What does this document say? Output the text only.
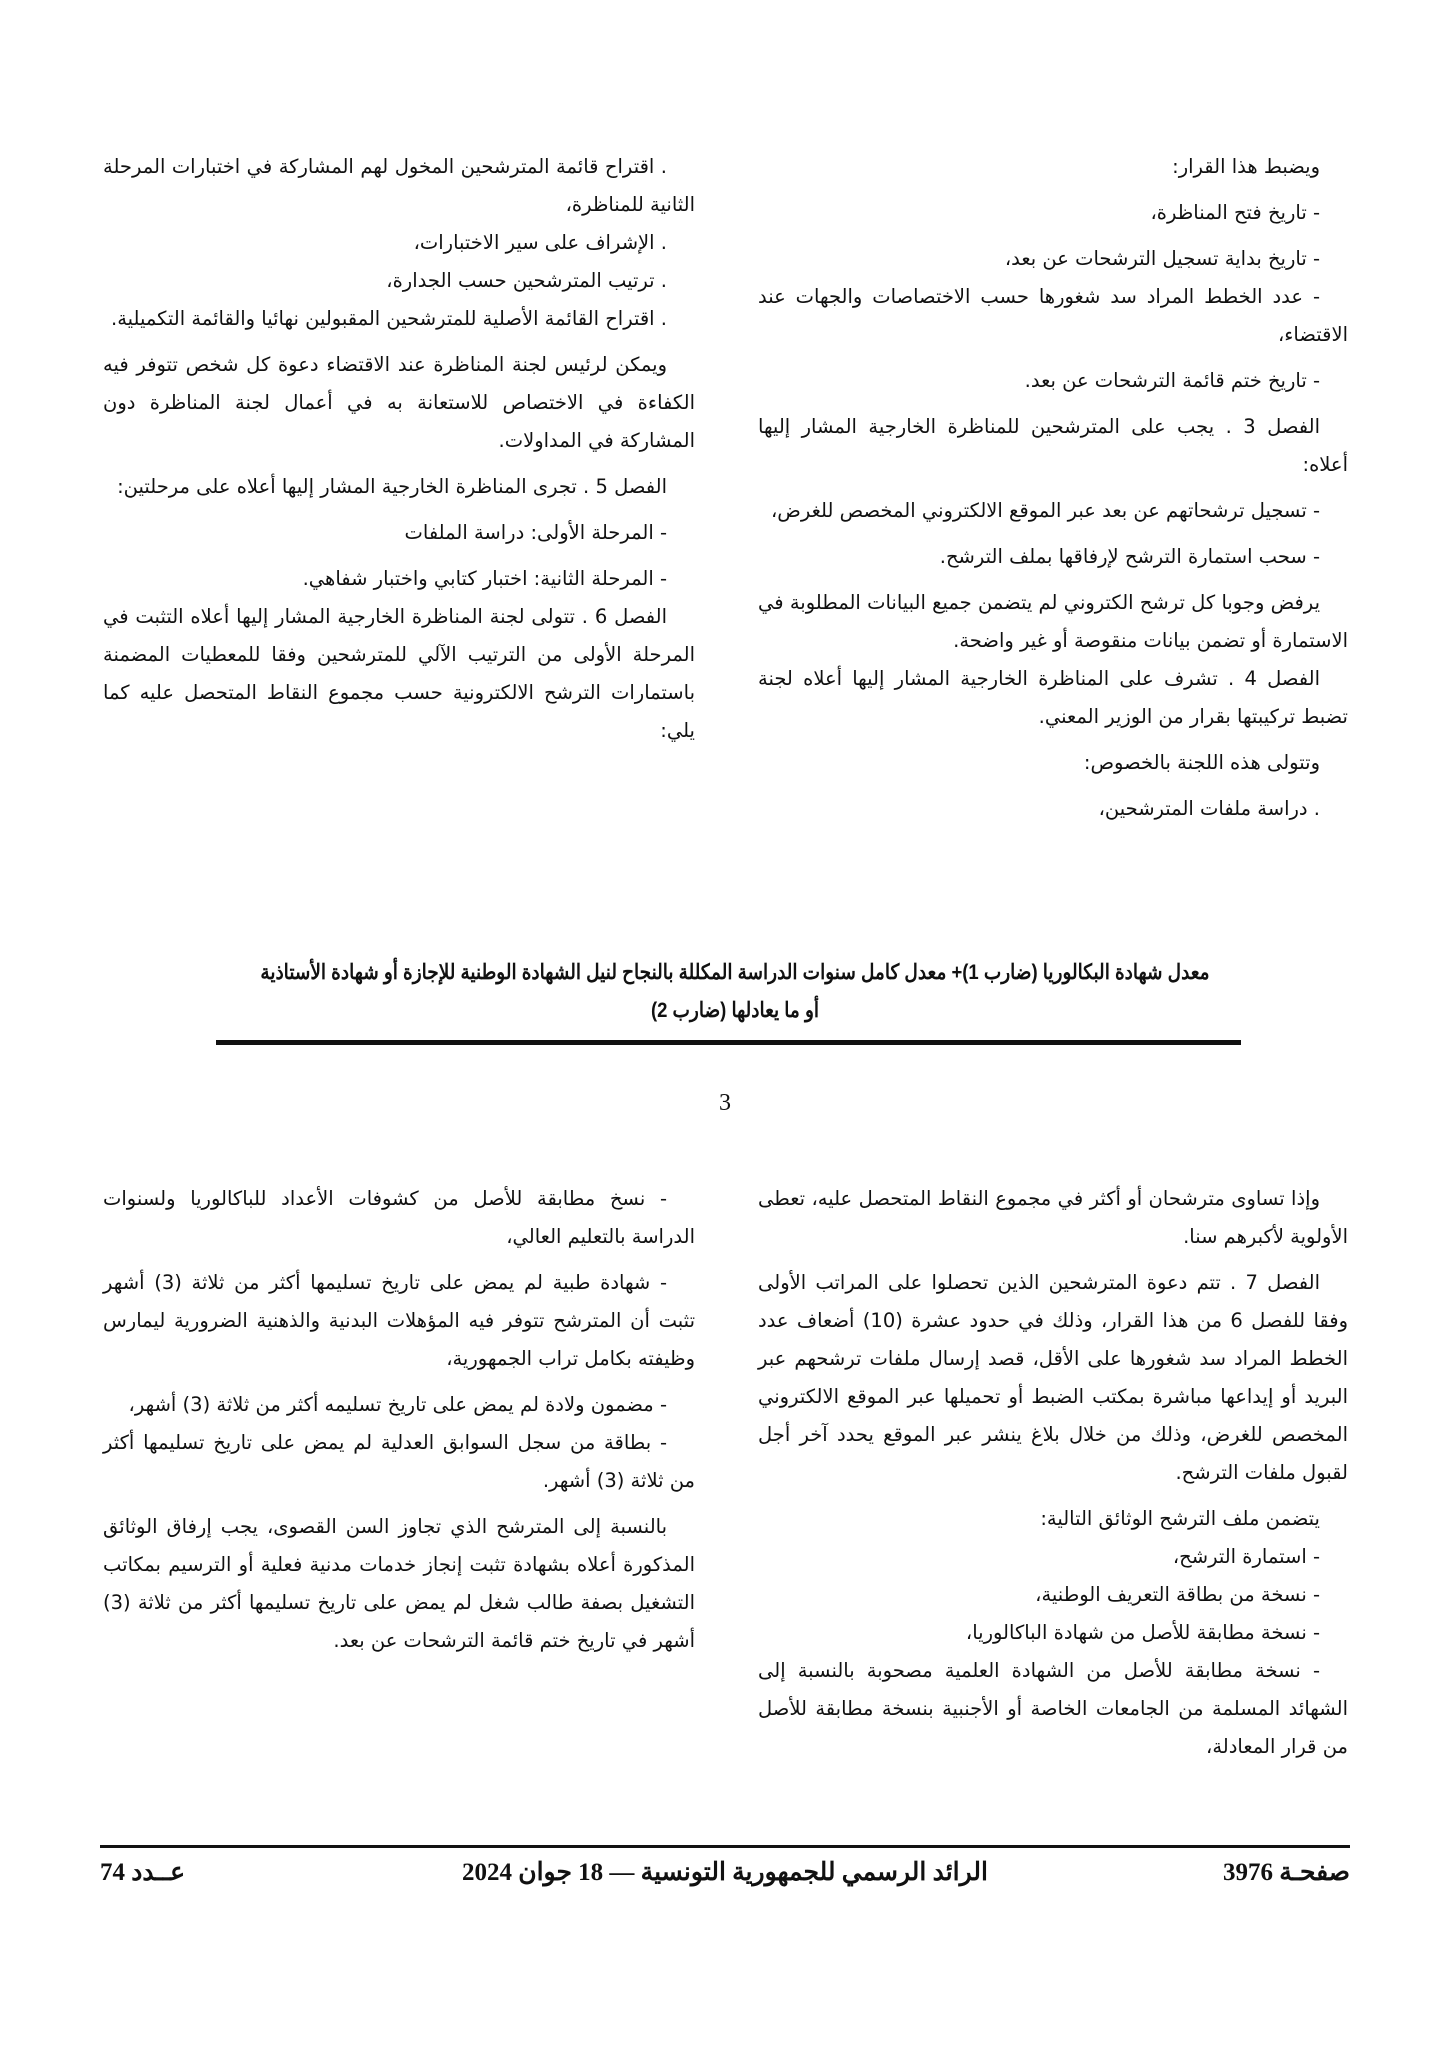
ويضبط هذا القرار:

- تاريخ فتح المناظرة،

- تاريخ بداية تسجيل الترشحات عن بعد،

- عدد الخطط المراد سد شغورها حسب الاختصاصات والجهات عند الاقتضاء،

- تاريخ ختم قائمة الترشحات عن بعد.

الفصل 3 . يجب على المترشحين للمناظرة الخارجية المشار إليها أعلاه:

- تسجيل ترشحاتهم عن بعد عبر الموقع الالكتروني المخصص للغرض،

- سحب استمارة الترشح لإرفاقها بملف الترشح.

يرفض وجوبا كل ترشح الكتروني لم يتضمن جميع البيانات المطلوبة في الاستمارة أو تضمن بيانات منقوصة أو غير واضحة.

الفصل 4 . تشرف على المناظرة الخارجية المشار إليها أعلاه لجنة تضبط تركيبتها بقرار من الوزير المعني.

وتتولى هذه اللجنة بالخصوص:

. دراسة ملفات المترشحين،

. اقتراح قائمة المترشحين المخول لهم المشاركة في اختبارات المرحلة الثانية للمناظرة،

. الإشراف على سير الاختبارات،

. ترتيب المترشحين حسب الجدارة،

. اقتراح القائمة الأصلية للمترشحين المقبولين نهائيا والقائمة التكميلية.

ويمكن لرئيس لجنة المناظرة عند الاقتضاء دعوة كل شخص تتوفر فيه الكفاءة في الاختصاص للاستعانة به في أعمال لجنة المناظرة دون المشاركة في المداولات.

الفصل 5 . تجرى المناظرة الخارجية المشار إليها أعلاه على مرحلتين:

- المرحلة الأولى: دراسة الملفات

- المرحلة الثانية: اختبار كتابي واختبار شفاهي.

الفصل 6 . تتولى لجنة المناظرة الخارجية المشار إليها أعلاه التثبت في المرحلة الأولى من الترتيب الآلي للمترشحين وفقا للمعطيات المضمنة باستمارات الترشح الالكترونية حسب مجموع النقاط المتحصل عليه كما يلي:

معدل شهادة البكالوريا (ضارب 1)+ معدل كامل سنوات الدراسة المكللة بالنجاح لنيل الشهادة الوطنية للإجازة أو شهادة الأستاذية
أو ما يعادلها (ضارب 2)
3

وإذا تساوى مترشحان أو أكثر في مجموع النقاط المتحصل عليه، تعطى الأولوية لأكبرهم سنا.

الفصل 7 . تتم دعوة المترشحين الذين تحصلوا على المراتب الأولى وفقا للفصل 6 من هذا القرار، وذلك في حدود عشرة (10) أضعاف عدد الخطط المراد سد شغورها على الأقل، قصد إرسال ملفات ترشحهم عبر البريد أو إيداعها مباشرة بمكتب الضبط أو تحميلها عبر الموقع الالكتروني المخصص للغرض، وذلك من خلال بلاغ ينشر عبر الموقع يحدد آخر أجل لقبول ملفات الترشح.

يتضمن ملف الترشح الوثائق التالية:

- استمارة الترشح،

- نسخة من بطاقة التعريف الوطنية،

- نسخة مطابقة للأصل من شهادة الباكالوريا،

- نسخة مطابقة للأصل من الشهادة العلمية مصحوبة بالنسبة إلى الشهائد المسلمة من الجامعات الخاصة أو الأجنبية بنسخة مطابقة للأصل من قرار المعادلة،

- نسخ مطابقة للأصل من كشوفات الأعداد للباكالوريا ولسنوات الدراسة بالتعليم العالي،

- شهادة طبية لم يمض على تاريخ تسليمها أكثر من ثلاثة (3) أشهر تثبت أن المترشح تتوفر فيه المؤهلات البدنية والذهنية الضرورية ليمارس وظيفته بكامل تراب الجمهورية،

- مضمون ولادة لم يمض على تاريخ تسليمه أكثر من ثلاثة (3) أشهر،

- بطاقة من سجل السوابق العدلية لم يمض على تاريخ تسليمها أكثر من ثلاثة (3) أشهر.

بالنسبة إلى المترشح الذي تجاوز السن القصوى، يجب إرفاق الوثائق المذكورة أعلاه بشهادة تثبت إنجاز خدمات مدنية فعلية أو الترسيم بمكاتب التشغيل بصفة طالب شغل لم يمض على تاريخ تسليمها أكثر من ثلاثة (3) أشهر في تاريخ ختم قائمة الترشحات عن بعد.

صفحـة 3976
الرائد الرسمي للجمهورية التونسية — 18 جوان 2024
عــدد 74
